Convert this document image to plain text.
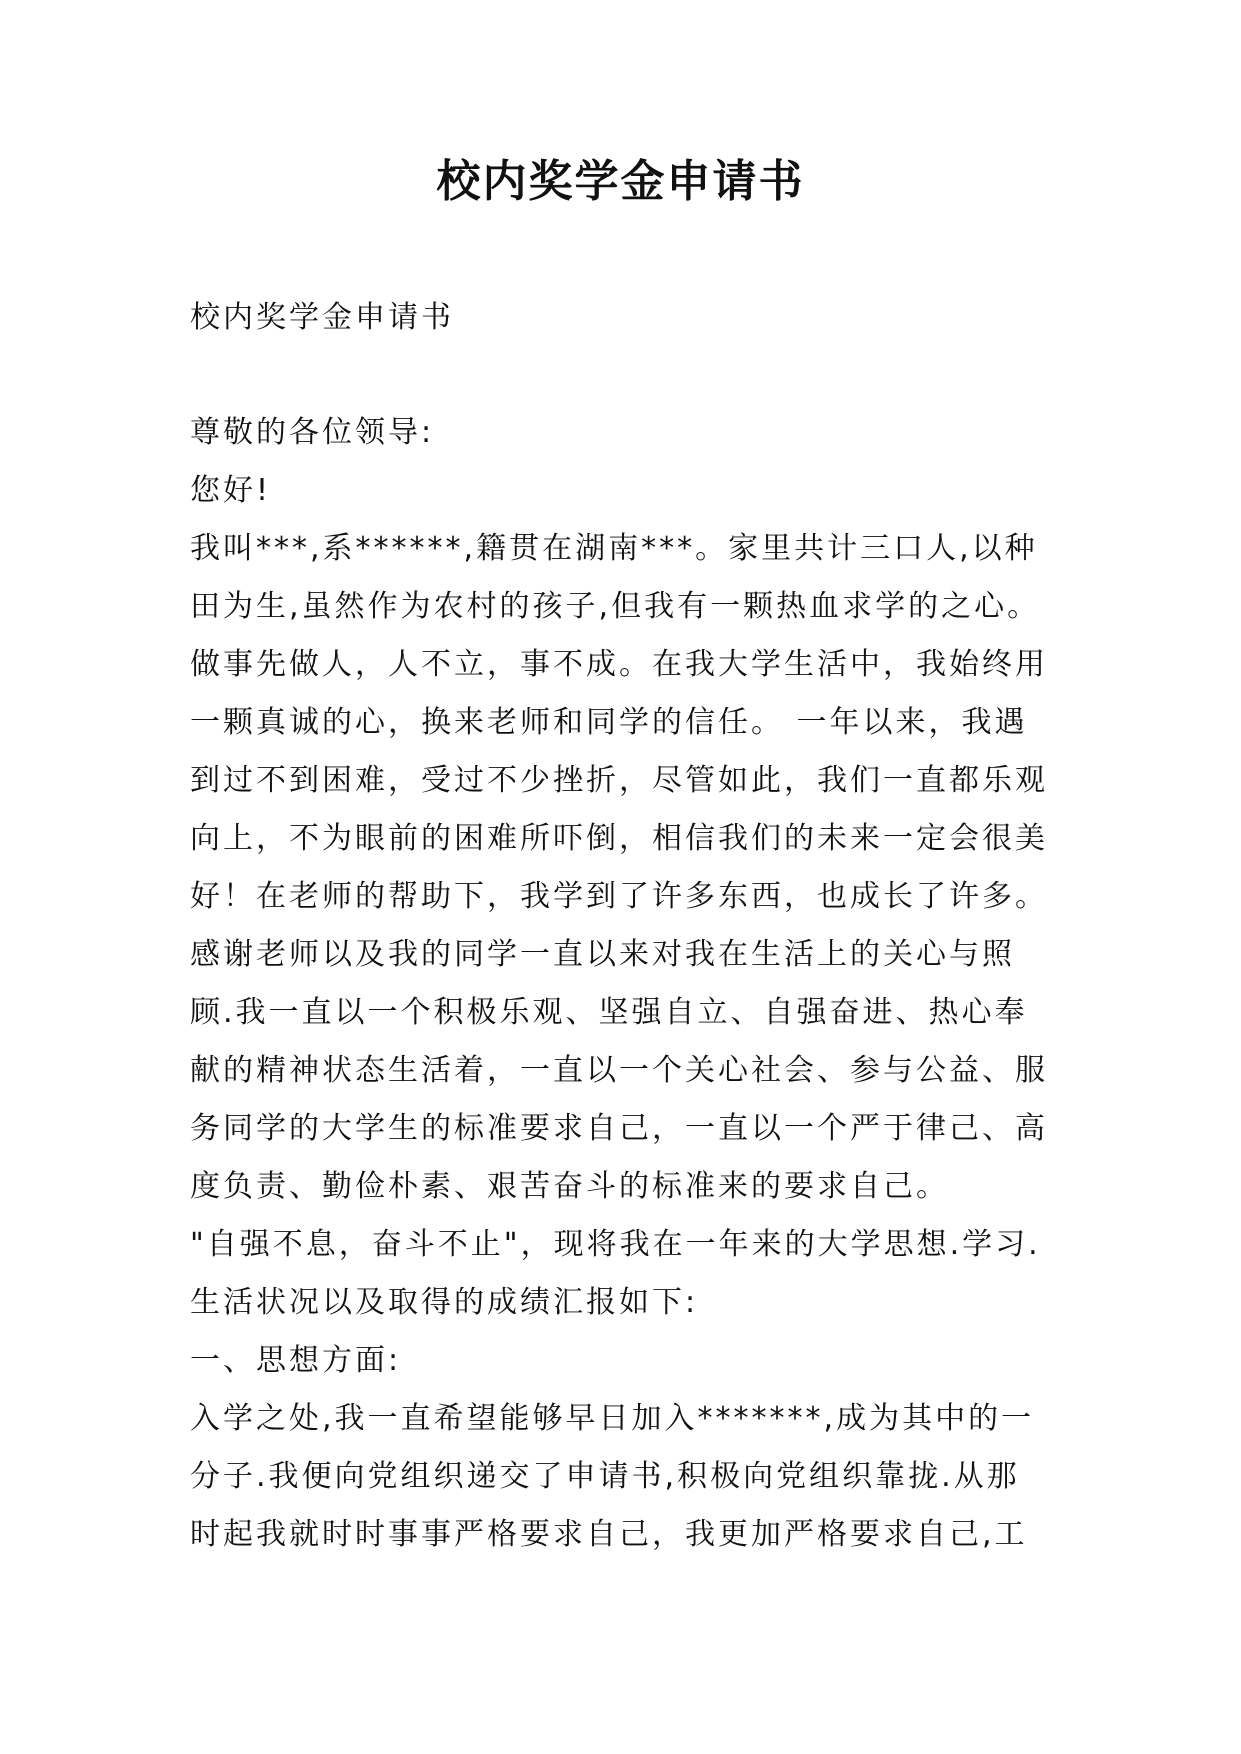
校内奖学金申请书
校内奖学金申请书
尊敬的各位领导:
您好!
我叫***,系******,籍贯在湖南***。家里共计三口人,以种
田为生,虽然作为农村的孩子,但我有一颗热血求学的之心。
做事先做人，人不立，事不成。在我大学生活中，我始终用
一颗真诚的心，换来老师和同学的信任。 一年以来，我遇
到过不到困难，受过不少挫折，尽管如此，我们一直都乐观
向上，不为眼前的困难所吓倒，相信我们的未来一定会很美
好！在老师的帮助下，我学到了许多东西，也成长了许多。
感谢老师以及我的同学一直以来对我在生活上的关心与照
顾.我一直以一个积极乐观、坚强自立、自强奋进、热心奉
献的精神状态生活着，一直以一个关心社会、参与公益、服
务同学的大学生的标准要求自己，一直以一个严于律己、高
度负责、勤俭朴素、艰苦奋斗的标准来的要求自己。
"自强不息，奋斗不止"，现将我在一年来的大学思想.学习.
生活状况以及取得的成绩汇报如下:
一、思想方面:
入学之处,我一直希望能够早日加入*******,成为其中的一
分子.我便向党组织递交了申请书,积极向党组织靠拢.从那
时起我就时时事事严格要求自己，我更加严格要求自己,工
